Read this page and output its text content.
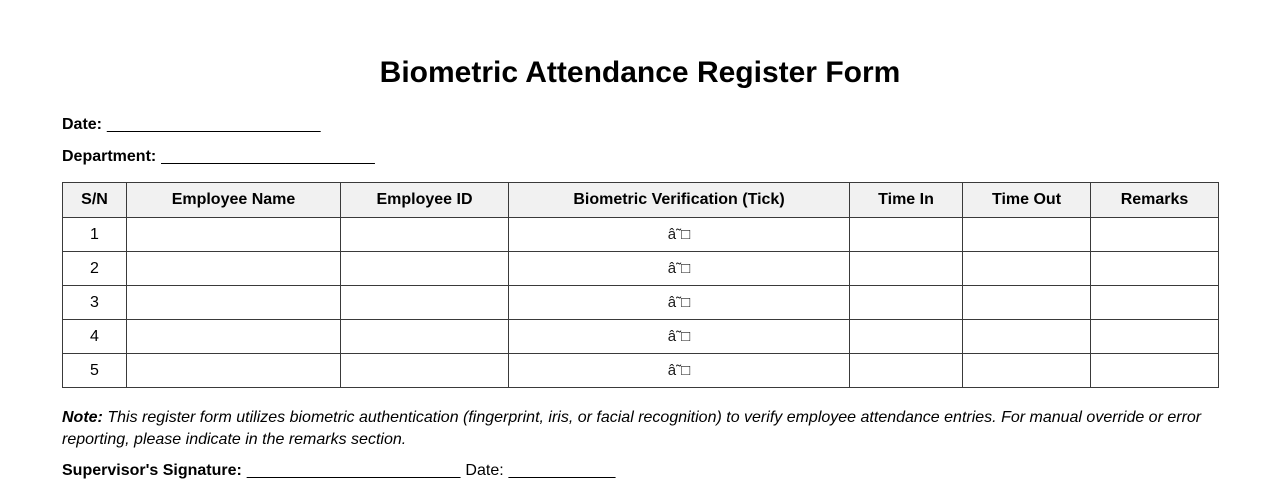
Biometric Attendance Register Form
Date: ________________________
Department: ________________________
S/N	Employee Name	Employee ID	Biometric Verification (Tick)	Time In	Time Out	Remarks
1			â˜□			
2			â˜□			
3			â˜□			
4			â˜□			
5			â˜□			
Note: This register form utilizes biometric authentication (fingerprint, iris, or facial recognition) to verify employee attendance entries. For manual override or error reporting, please indicate in the remarks section.
Supervisor's Signature: ________________________ Date: ____________
